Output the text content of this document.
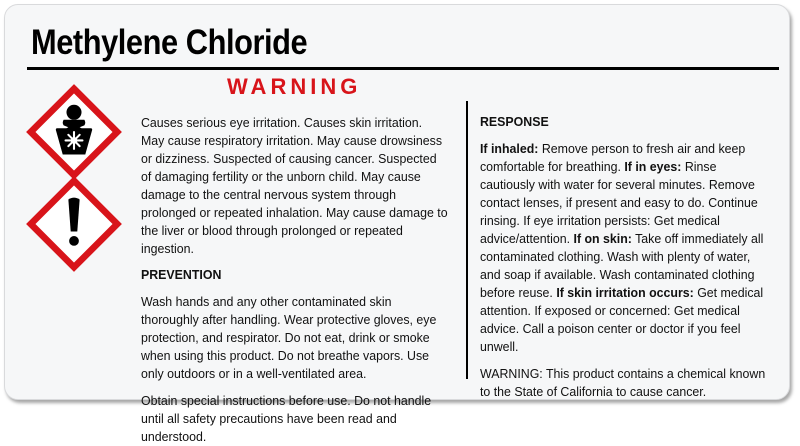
Methylene Chloride
WARNING

Causes serious eye irritation. Causes skin irritation. May cause respiratory irritation. May cause drowsiness or dizziness. Suspected of causing cancer. Suspected of damaging fertility or the unborn child. May cause damage to the central nervous system through prolonged or repeated inhalation. May cause damage to the liver or blood through prolonged or repeated ingestion.

PREVENTION

Wash hands and any other contaminated skin thoroughly after handling. Wear protective gloves, eye protection, and respirator. Do not eat, drink or smoke when using this product. Do not breathe vapors. Use only outdoors or in a well-ventilated area.

Obtain special instructions before use. Do not handle until all safety precautions have been read and understood.

RESPONSE

If inhaled: Remove person to fresh air and keep comfortable for breathing. If in eyes: Rinse cautiously with water for several minutes. Remove contact lenses, if present and easy to do. Continue rinsing. If eye irritation persists: Get medical advice/attention. If on skin: Take off immediately all contaminated clothing. Wash with plenty of water, and soap if available. Wash contaminated clothing before reuse. If skin irritation occurs: Get medical attention. If exposed or concerned: Get medical advice. Call a poison center or doctor if you feel unwell.

WARNING: This product contains a chemical known to the State of California to cause cancer.
